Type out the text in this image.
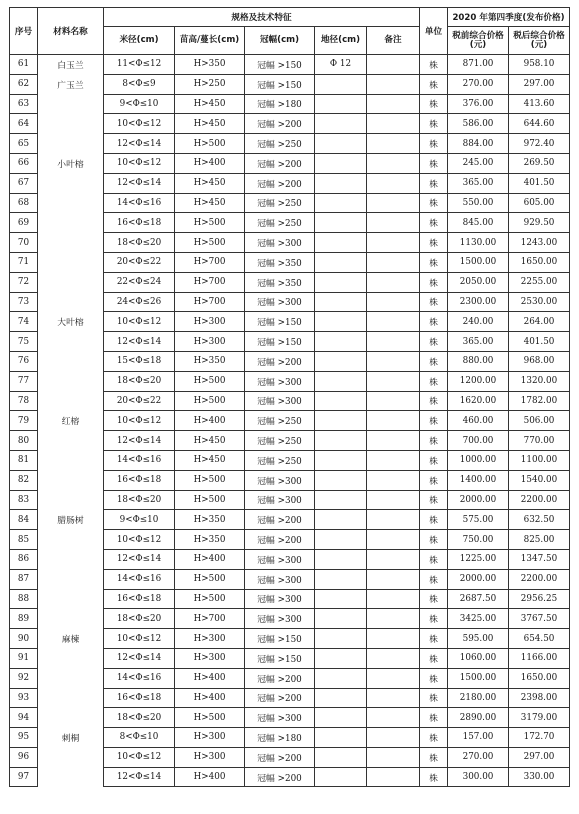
序号	材料名称	规格及技术特征					单位	2020 年第四季度(发布价格)	
		米径(cm)	苗高/蔓长(cm)	冠幅(cm)	地径(cm)	备注		税前综合价格(元)	税后综合价格(元)

61	白玉兰	11<Φ≤12	H>350	冠幅 >150	Φ 12		株	871.00	958.10
62	广玉兰	8<Φ≤9	H>250	冠幅 >150			株	270.00	297.00
63		9<Φ≤10	H>450	冠幅 >180			株	376.00	413.60
64		10<Φ≤12	H>450	冠幅 >200			株	586.00	644.60
65		12<Φ≤14	H>500	冠幅 >250			株	884.00	972.40
66	小叶榕	10<Φ≤12	H>400	冠幅 >200			株	245.00	269.50
67		12<Φ≤14	H>450	冠幅 >200			株	365.00	401.50
68		14<Φ≤16	H>450	冠幅 >250			株	550.00	605.00
69		16<Φ≤18	H>500	冠幅 >250			株	845.00	929.50
70		18<Φ≤20	H>500	冠幅 >300			株	1130.00	1243.00
71		20<Φ≤22	H>700	冠幅 >350			株	1500.00	1650.00
72		22<Φ≤24	H>700	冠幅 >350			株	2050.00	2255.00
73		24<Φ≤26	H>700	冠幅 >300			株	2300.00	2530.00
74	大叶榕	10<Φ≤12	H>300	冠幅 >150			株	240.00	264.00
75		12<Φ≤14	H>300	冠幅 >150			株	365.00	401.50
76		15<Φ≤18	H>350	冠幅 >200			株	880.00	968.00
77		18<Φ≤20	H>500	冠幅 >300			株	1200.00	1320.00
78		20<Φ≤22	H>500	冠幅 >300			株	1620.00	1782.00
79	红榕	10<Φ≤12	H>400	冠幅 >250			株	460.00	506.00
80		12<Φ≤14	H>450	冠幅 >250			株	700.00	770.00
81		14<Φ≤16	H>450	冠幅 >250			株	1000.00	1100.00
82		16<Φ≤18	H>500	冠幅 >300			株	1400.00	1540.00
83		18<Φ≤20	H>500	冠幅 >300			株	2000.00	2200.00
84	腊肠树	9<Φ≤10	H>350	冠幅 >200			株	575.00	632.50
85		10<Φ≤12	H>350	冠幅 >200			株	750.00	825.00
86		12<Φ≤14	H>400	冠幅 >300			株	1225.00	1347.50
87		14<Φ≤16	H>500	冠幅 >300			株	2000.00	2200.00
88		16<Φ≤18	H>500	冠幅 >300			株	2687.50	2956.25
89		18<Φ≤20	H>700	冠幅 >300			株	3425.00	3767.50
90	麻楝	10<Φ≤12	H>300	冠幅 >150			株	595.00	654.50
91		12<Φ≤14	H>300	冠幅 >150			株	1060.00	1166.00
92		14<Φ≤16	H>400	冠幅 >200			株	1500.00	1650.00
93		16<Φ≤18	H>400	冠幅 >200			株	2180.00	2398.00
94		18<Φ≤20	H>500	冠幅 >300			株	2890.00	3179.00
95	刺桐	8<Φ≤10	H>300	冠幅 >180			株	157.00	172.70
96		10<Φ≤12	H>300	冠幅 >200			株	270.00	297.00
97		12<Φ≤14	H>400	冠幅 >200			株	300.00	330.00
